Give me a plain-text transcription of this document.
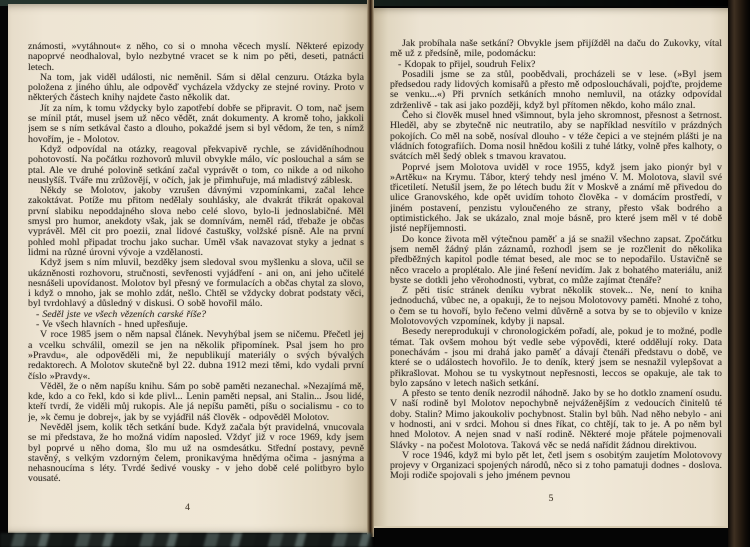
známosti, »vytáhnout« z něho, co si o mnoha věcech myslí. Některé epizody napoprvé neodhaloval, bylo nezbytné vracet se k nim po pěti, deseti, patnácti letech.

Na tom, jak viděl události, nic neměnil. Sám si dělal cenzuru. Otázka byla položena z jiného úhlu, ale odpověď vycházela vždycky ze stejné roviny. Proto v některých částech knihy najdete často několik dat.

Jít za ním, k tomu vždycky bylo zapotřebí dobře se připravit. O tom, nač jsem se mínil ptát, musel jsem už něco vědět, znát dokumenty. A kromě toho, jakkoli jsem se s ním setkával často a dlouho, pokaždé jsem si byl vědom, že ten, s nímž hovořím, je - Molotov.

Když odpovídal na otázky, reagoval překvapivě rychle, se záviděníhodnou pohotovostí. Na počátku rozhovorů mluvil obvykle málo, víc poslouchal a sám se ptal. Ale ve druhé polovině setkání začal vyprávět o tom, co nikde a od nikoho neuslyšíš. Tváře mu zrůžovějí, v očích, jak je přimhuřuje, má mladistvý záblesk.

Někdy se Molotov, jakoby vzrušen dávnými vzpomínkami, začal lehce zakoktávat. Potíže mu přitom nedělaly souhlásky, ale dvakrát třikrát opakoval první slabiku nepoddajného slova nebo celé slovo, bylo-li jednoslabičné. Měl smysl pro humor, anekdoty však, jak se domnívám, neměl rád, třebaže je občas vyprávěl. Měl cit pro poezii, znal lidové častušky, volžské písně. Ale na první pohled mohl připadat trochu jako suchar. Uměl však navazovat styky a jednat s lidmi na různé úrovni vývoje a vzdělanosti.

Když jsem s ním mluvil, bezděky jsem sledoval svou myšlenku a slova, učil se ukázněnosti rozhovoru, stručnosti, sevřenosti vyjádření - ani on, ani jeho učitelé nesnášeli upovídanost. Molotov byl přesný ve formulacích a občas chytal za slovo, i když o mnoho, jak se mohlo zdát, nešlo. Chtěl se vždycky dobrat podstaty věci, byl tvrdohlavý a důsledný v diskusi. O sobě hovořil málo.

- Seděl jste ve všech vězeních carské říše?

- Ve všech hlavních - hned upřesňuje.

V roce 1985 jsem o něm napsal článek. Nevyhýbal jsem se ničemu. Přečetl jej a vcelku schválil, omezil se jen na několik připomínek. Psal jsem ho pro »Pravdu«, ale odpověděli mi, že nepublikují materiály o svých bývalých redaktorech. A Molotov skutečně byl 22. dubna 1912 mezi těmi, kdo vydali první číslo »Pravdy«.

Věděl, že o něm napíšu knihu. Sám po sobě paměti nezanechal. »Nezajímá mě, kde, kdo a co řekl, kdo si kde plivl... Lenin paměti nepsal, ani Stalin... Jsou lidé, kteří tvrdí, že viděli můj rukopis. Ale já nepíšu paměti, píšu o socialismu - co to je, »k čemu je dobrej«, jak by se vyjádřil náš člověk - odpověděl Molotov.

Nevěděl jsem, kolik těch setkání bude. Když začala být pravidelná, vnucovala se mi představa, že ho možná vidím naposled. Vždyť již v roce 1969, kdy jsem byl poprvé u něho doma, šlo mu už na osmdesátku. Střední postavy, pevně stavěný, s velkým vzdorným čelem, pronikavýma hnědýma očima - jasnýma a nehasnoucíma s léty. Tvrdé šedivé vousky - v jeho době celé politbyro bylo vousaté.

4

Jak probíhala naše setkání? Obvykle jsem přijížděl na daču do Žukovky, vítal mě už z předsíně, mile, podomácku:

- Kdopak to přijel, soudruh Felix?

Posadili jsme se za stůl, poobědvali, procházeli se v lese. (»Byl jsem předsedou rady lidových komisařů a přesto mě odposlouchávali, pojďte, projdeme se venku...«) Při prvních setkáních mnoho nemluvil, na otázky odpovídal zdrženlivě - tak asi jako později, když byl přítomen někdo, koho málo znal.

Čeho si člověk musel hned všimnout, byla jeho skromnost, přesnost a šetrnost. Hleděl, aby se zbytečně nic neutratilo, aby se například nesvítilo v prázdných pokojích. Co měl na sobě, nosíval dlouho - v téže čepici a ve stejném plášti je na vládních fotografiích. Doma nosil hnědou košili z tuhé látky, volně přes kalhoty, o svátcích měl šedý oblek s tmavou kravatou.

Poprvé jsem Molotova uviděl v roce 1955, když jsem jako pionýr byl v »Artěku« na Krymu. Tábor, který tehdy nesl jméno V. M. Molotova, slavil své třicetiletí. Netušil jsem, že po létech budu žít v Moskvě a známí mě přivedou do ulice Granovského, kde opět uvidím tohoto člověka - v domácím prostředí, v jiném postavení, penzistu vyloučeného ze strany, přesto však bodrého a optimistického. Jak se ukázalo, znal moje básně, pro které jsem měl v té době jisté nepříjemnosti.

Do konce života měl výtečnou paměť a já se snažil všechno zapsat. Zpočátku jsem neměl žádný plán záznamů, rozhodl jsem se je rozčlenit do několika předběžných kapitol podle témat besed, ale moc se to nepodařilo. Ustavičně se něco vracelo a proplétalo. Ale jiné řešení nevidím. Jak z bohatého materiálu, aniž byste se dotkli jeho věrohodnosti, vybrat, co může zajímat čtenáře?

Z pěti tisíc stránek deníku vybrat několik stovek... Ne, není to kniha jednoduchá, vůbec ne, a opakuji, že to nejsou Molotovovy paměti. Mnohé z toho, o čem se tu hovoří, bylo řečeno velmi důvěrně a sotva by se to objevilo v knize Molotovových vzpomínek, kdyby ji napsal.

Besedy nereprodukuji v chronologickém pořadí, ale, pokud je to možné, podle témat. Tak ovšem mohou být vedle sebe výpovědi, které oddělují roky. Data ponechávám - jsou mi drahá jako paměť a dávají čtenáři představu o době, ve které se o událostech hovořilo. Je to deník, který jsem se nesnažil vylepšovat a přikrašlovat. Mohou se tu vyskytnout nepřesnosti, leccos se opakuje, ale tak to bylo zapsáno v letech našich setkání.

A přesto se tento deník nezrodil náhodně. Jako by se ho dotklo znamení osudu. V naší rodině byl Molotov nepochybně nejváženějším z vedoucích činitelů té doby. Stalin? Mimo jakoukoliv pochybnost. Stalin byl bůh. Nad něho nebylo - ani v hodnosti, ani v srdci. Mohou si dnes říkat, co chtějí, tak to je. A po něm byl hned Molotov. A nejen snad v naší rodině. Některé moje přátele pojmenovali Slávky - na počest Molotova. Taková věc se nedá nařídit žádnou direktivou.

V roce 1946, když mi bylo pět let, četl jsem s osobitým zaujetím Molotovovy projevy v Organizaci spojených národů, něco si z toho pamatuji dodnes - doslova. Moji rodiče spojovali s jeho jménem pevnou

5
